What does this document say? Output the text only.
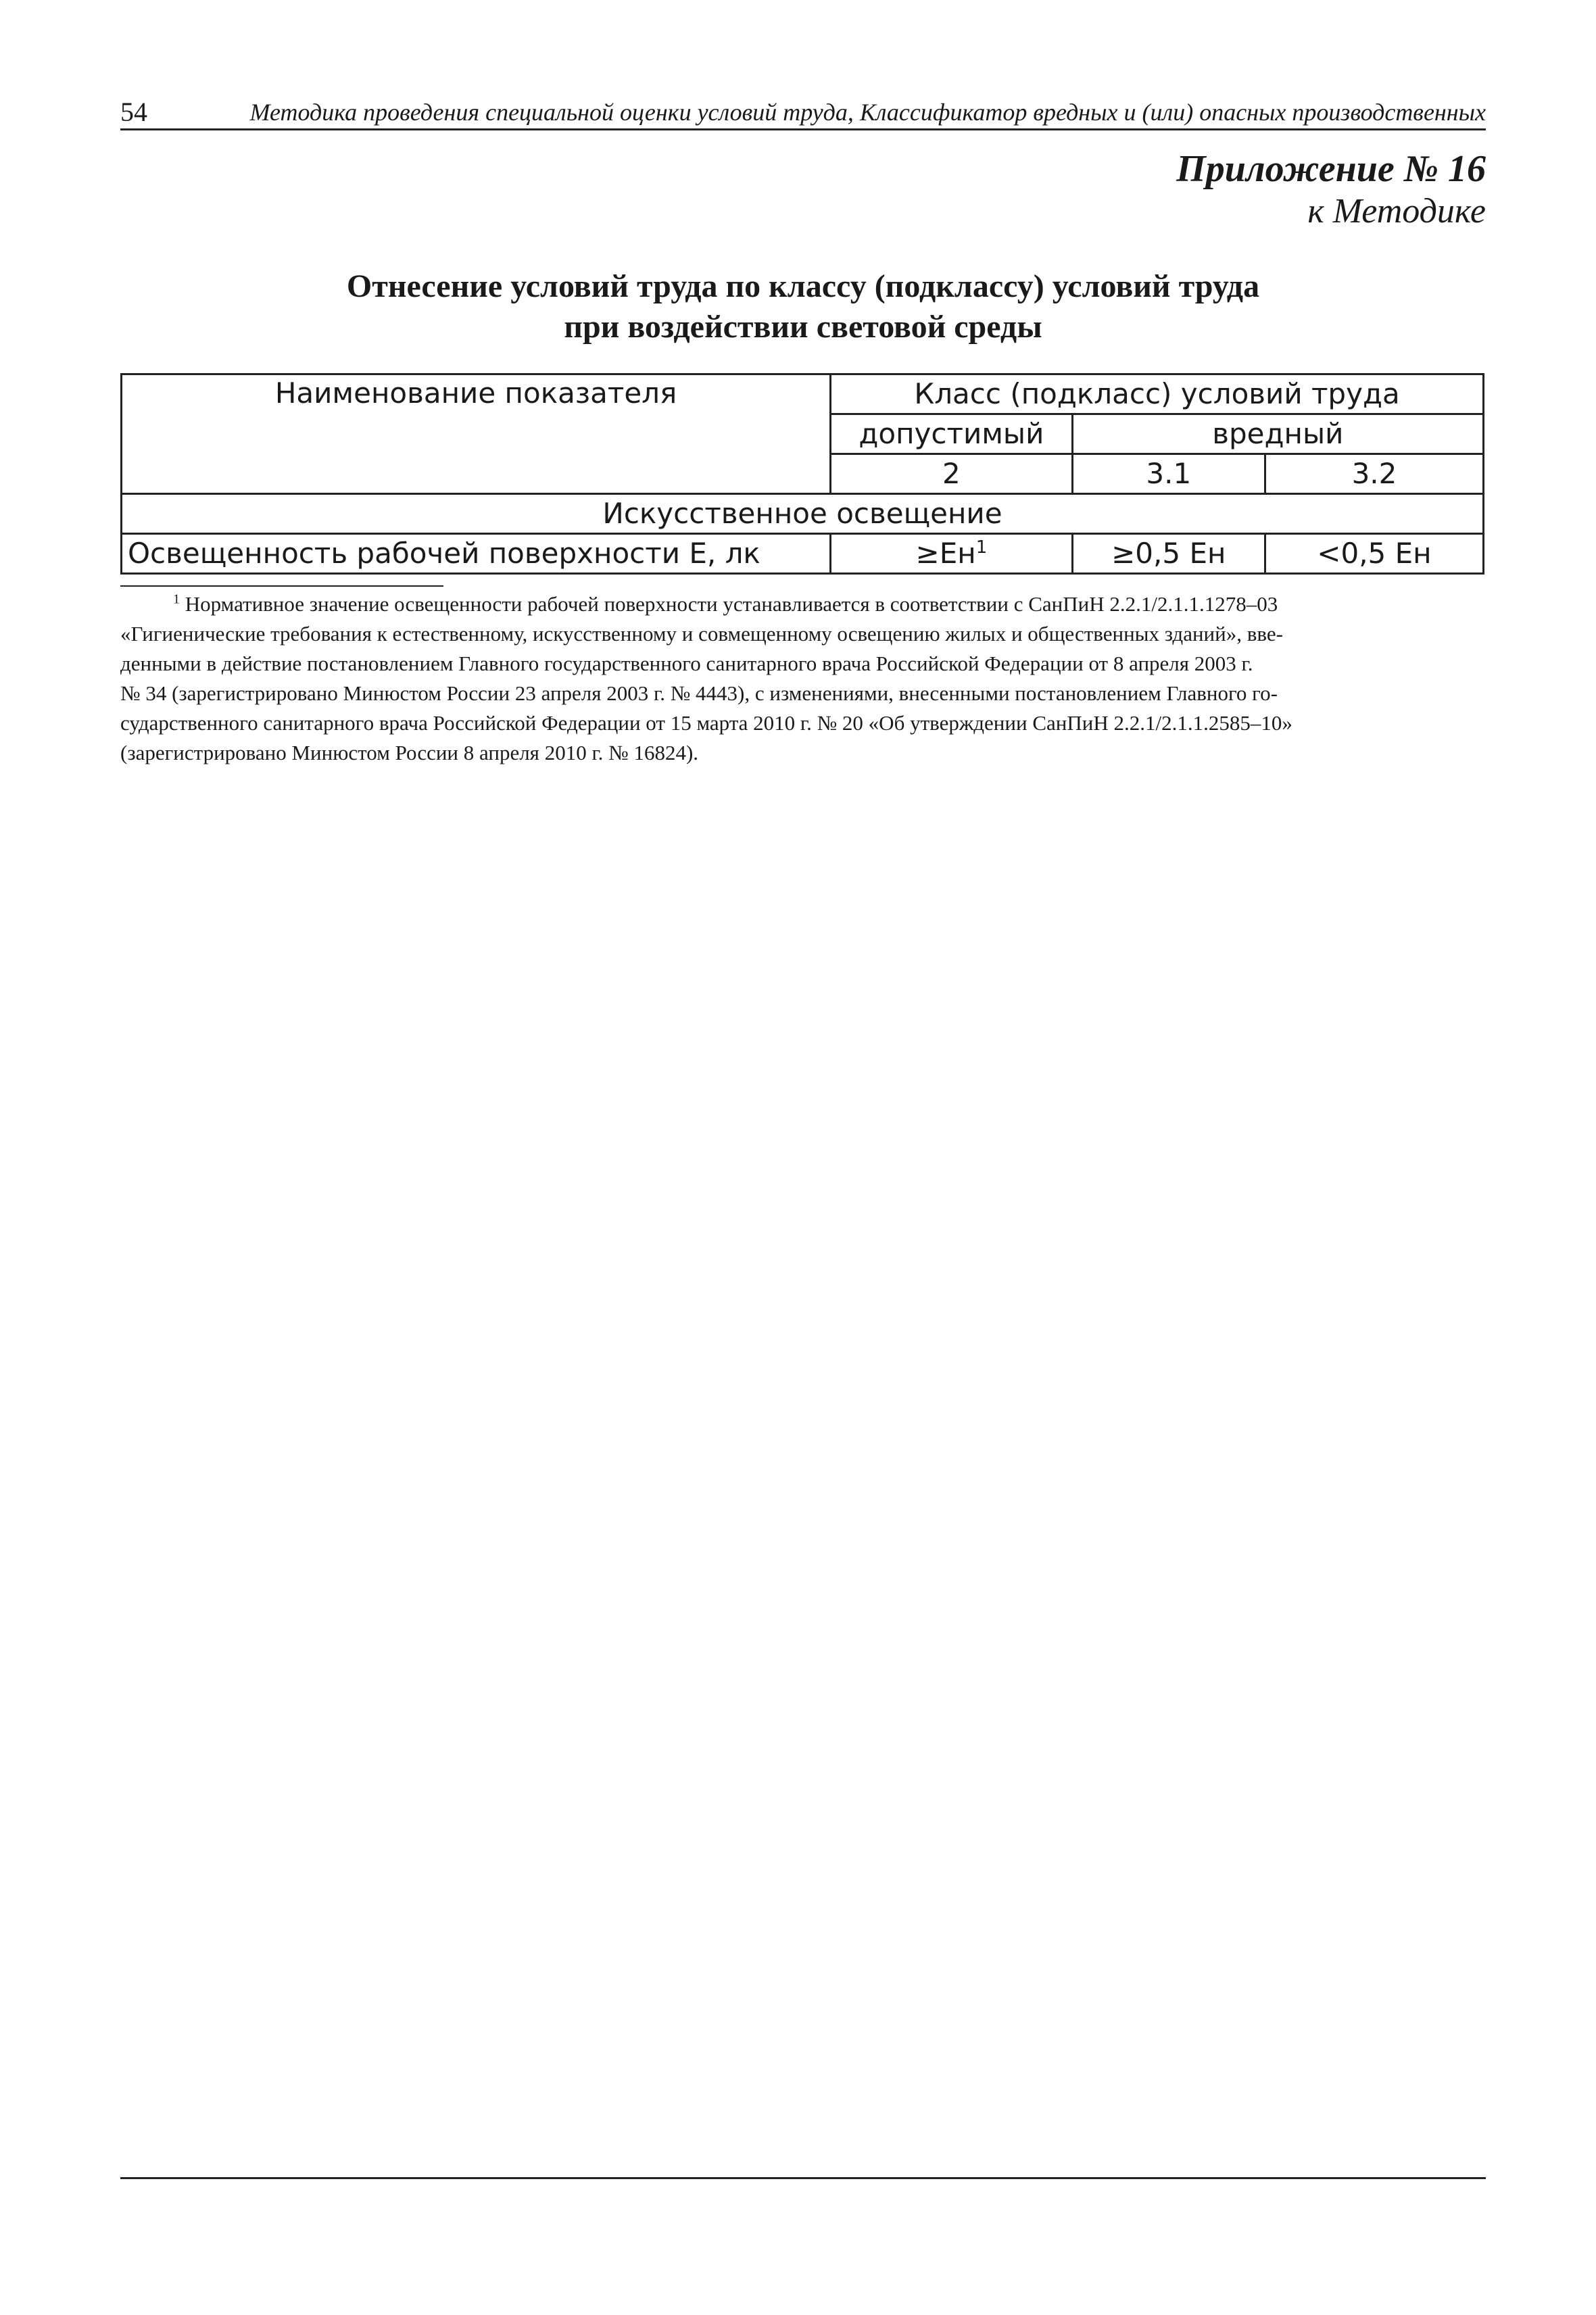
54	Методика проведения специальной оценки условий труда, Классификатор вредных и (или) опасных производственных
Приложение № 16
к Методике
Отнесение условий труда по классу (подклассу) условий труда
при воздействии световой среды
Наименование показателя	Класс (подкласс) условий труда		
	допустимый	вредный	
	2	3.1	3.2
Искусственное освещение			
Освещенность рабочей поверхности Е, лк	$\ge Ен^1$	≥0,5 Ен	<0,5 Ен
$^1$ Нормативное значение освещенности рабочей поверхности устанавливается в соответствии с СанПиН 2.2.1/2.1.1.1278–03
«Гигиенические требования к естественному, искусственному и совмещенному освещению жилых и общественных зданий», вве-
денными в действие постановлением Главного государственного санитарного врача Российской Федерации от 8 апреля 2003 г.
№ 34 (зарегистрировано Минюстом России 23 апреля 2003 г. № 4443), с изменениями, внесенными постановлением Главного го-
сударственного санитарного врача Российской Федерации от 15 марта 2010 г. № 20 «Об утверждении СанПиН 2.2.1/2.1.1.2585–10»
(зарегистрировано Минюстом России 8 апреля 2010 г. № 16824).
